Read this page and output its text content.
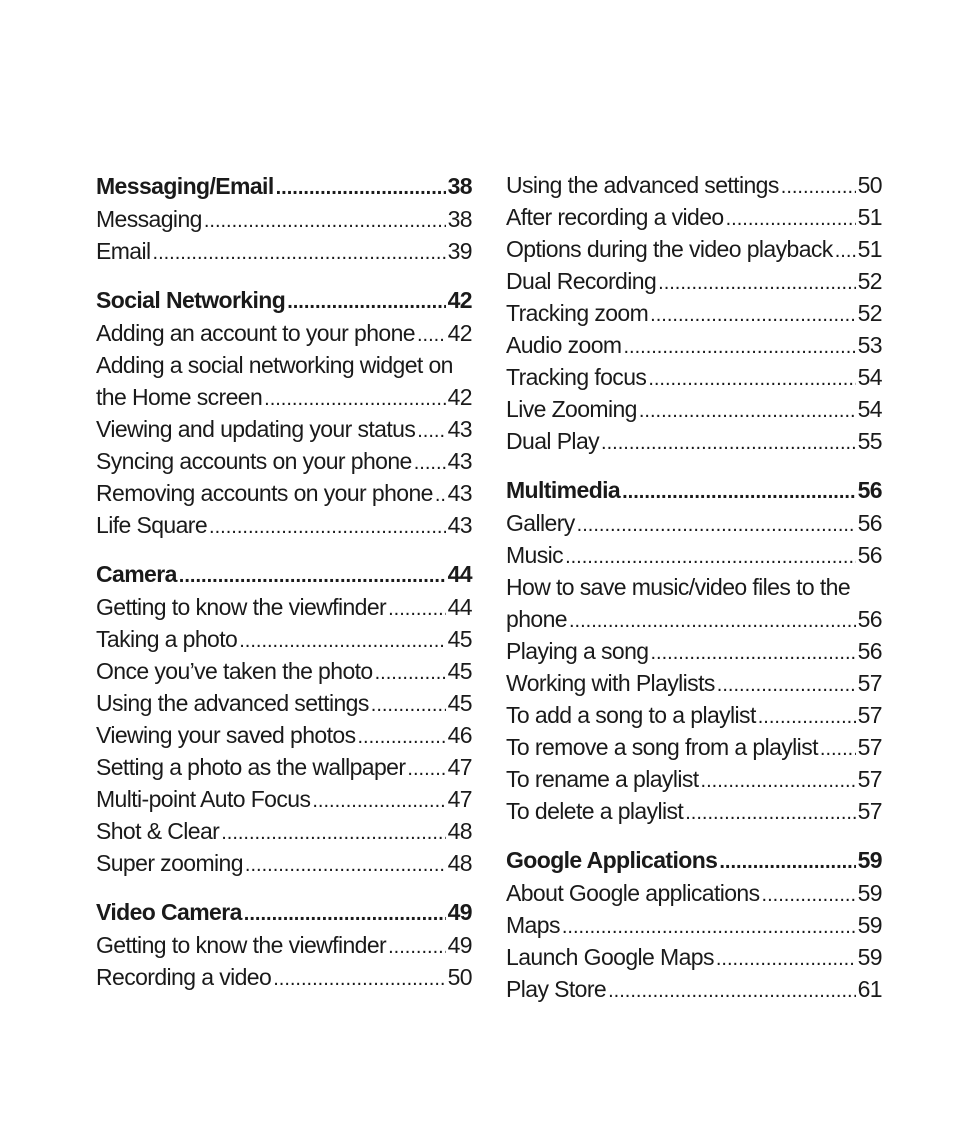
Messaging/Email .....	38
Messaging .....	38
Email .....	39
Social Networking .....	42
Adding an account to your phone ..... 42
Adding a social networking widget on
the Home screen .....	42
Viewing and updating your status ..... 43
Syncing accounts on your phone ..... 43
Removing accounts on your phone ..... 43
Life Square .....	43
Camera .....	44
Getting to know the viewfinder .....	44
Taking a photo .....	45
Once you’ve taken the photo .....	45
Using the advanced settings .....	45
Viewing your saved photos .....	46
Setting a photo as the wallpaper ..... 47
Multi-point Auto Focus .....	47
Shot & Clear .....	48
Super zooming .....	48
Video Camera .....	49
Getting to know the viewfinder .....	49
Recording a video .....	50
Using the advanced settings .....	50
After recording a video .....	51
Options during the video playback ..... 51
Dual Recording .....	52
Tracking zoom .....	52
Audio zoom .....	53
Tracking focus .....	54
Live Zooming .....	54
Dual Play .....	55
Multimedia .....	56
Gallery .....	56
Music .....	56
How to save music/video files to the
phone .....	56
Playing a song .....	56
Working with Playlists .....	57
To add a song to a playlist .....	57
To remove a song from a playlist ..... 57
To rename a playlist .....	57
To delete a playlist .....	57
Google Applications .....	59
About Google applications .....	59
Maps .....	59
Launch Google Maps .....	59
Play Store .....	61
